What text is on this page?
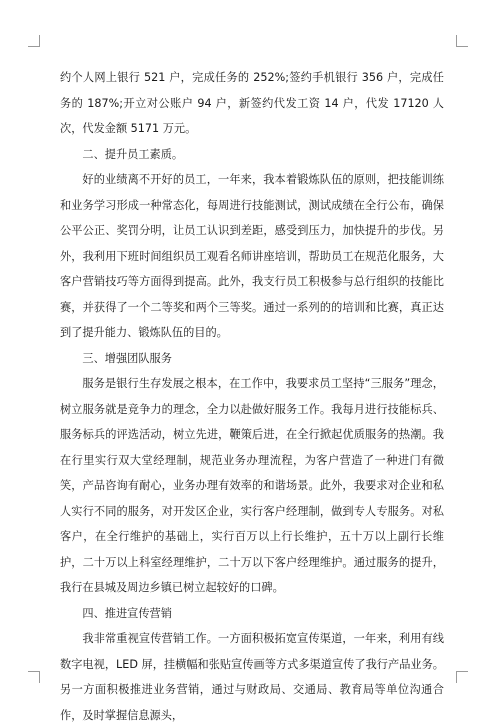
约个人网上银行 521 户，完成任务的 252%;签约手机银行 356 户，完成任务的 187%;开立对公账户 94 户，新签约代发工资 14 户，代发 17120 人次，代发金额 5171 万元。

二、提升员工素质。

好的业绩离不开好的员工，一年来，我本着锻炼队伍的原则，把技能训练和业务学习形成一种常态化，每周进行技能测试，测试成绩在全行公布，确保公平公正、奖罚分明，让员工认识到差距，感受到压力，加快提升的步伐。另外，我利用下班时间组织员工观看名师讲座培训，帮助员工在规范化服务，大客户营销技巧等方面得到提高。此外，我支行员工积极参与总行组织的技能比赛，并获得了一个二等奖和两个三等奖。通过一系列的的培训和比赛，真正达到了提升能力、锻炼队伍的目的。

三、增强团队服务

服务是银行生存发展之根本，在工作中，我要求员工坚持“三服务”理念，树立服务就是竞争力的理念，全力以赴做好服务工作。我每月进行技能标兵、服务标兵的评选活动，树立先进，鞭策后进，在全行掀起优质服务的热潮。我在行里实行双大堂经理制，规范业务办理流程，为客户营造了一种进门有微笑，产品咨询有耐心，业务办理有效率的和谐场景。此外，我要求对企业和私人实行不同的服务，对开发区企业，实行客户经理制，做到专人专服务。对私客户，在全行维护的基础上，实行百万以上行长维护，五十万以上副行长维护，二十万以上科室经理维护，二十万以下客户经理维护。通过服务的提升，我行在县城及周边乡镇已树立起较好的口碑。

四、推进宣传营销

我非常重视宣传营销工作。一方面积极拓宽宣传渠道，一年来，利用有线数字电视，LED 屏，挂横幅和张贴宣传画等方式多渠道宣传了我行产品业务。另一方面积极推进业务营销，通过与财政局、交通局、教育局等单位沟通合作，及时掌握信息源头，
